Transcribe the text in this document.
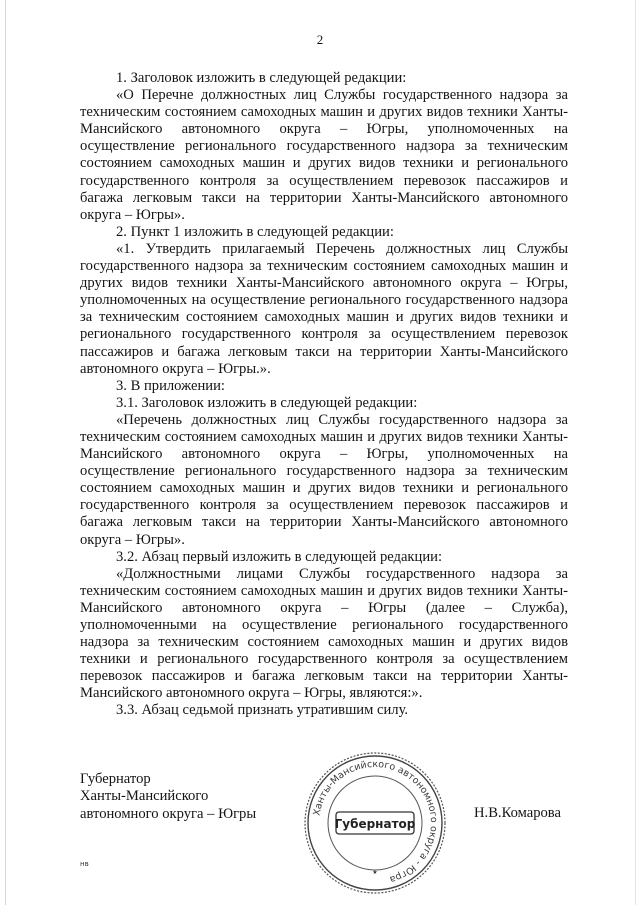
2

1. Заголовок изложить в следующей редакции:

«О Перечне должностных лиц Службы государственного надзора за техническим состоянием самоходных машин и других видов техники Ханты-Мансийского автономного округа – Югры, уполномоченных на осуществление регионального государственного надзора за техническим состоянием самоходных машин и других видов техники и регионального государственного контроля за осуществлением перевозок пассажиров и багажа легковым такси на территории Ханты-Мансийского автономного округа – Югры».

2. Пункт 1 изложить в следующей редакции:

«1. Утвердить прилагаемый Перечень должностных лиц Службы государственного надзора за техническим состоянием самоходных машин и других видов техники Ханты-Мансийского автономного округа – Югры, уполномоченных на осуществление регионального государственного надзора за техническим состоянием самоходных машин и других видов техники и регионального государственного контроля за осуществлением перевозок пассажиров и багажа легковым такси на территории Ханты-Мансийского автономного округа – Югры.».

3. В приложении:

3.1. Заголовок изложить в следующей редакции:

«Перечень должностных лиц Службы государственного надзора за техническим состоянием самоходных машин и других видов техники Ханты-Мансийского автономного округа – Югры, уполномоченных на осуществление регионального государственного надзора за техническим состоянием самоходных машин и других видов техники и регионального государственного контроля за осуществлением перевозок пассажиров и багажа легковым такси на территории Ханты-Мансийского автономного округа – Югры».

3.2. Абзац первый изложить в следующей редакции:

«Должностными лицами Службы государственного надзора за техническим состоянием самоходных машин и других видов техники Ханты-Мансийского автономного округа – Югры (далее – Служба), уполномоченными на осуществление регионального государственного надзора за техническим состоянием самоходных машин и других видов техники и регионального государственного контроля за осуществлением перевозок пассажиров и багажа легковым такси на территории Ханты-Мансийского автономного округа – Югры, являются:».

3.3. Абзац седьмой признать утратившим силу.

Губернатор
Ханты-Мансийского
автономного округа – Югры	Ханты-Мансийского автономного округа - Югра
Губернатор
★
Н.В.Комарова
нв
